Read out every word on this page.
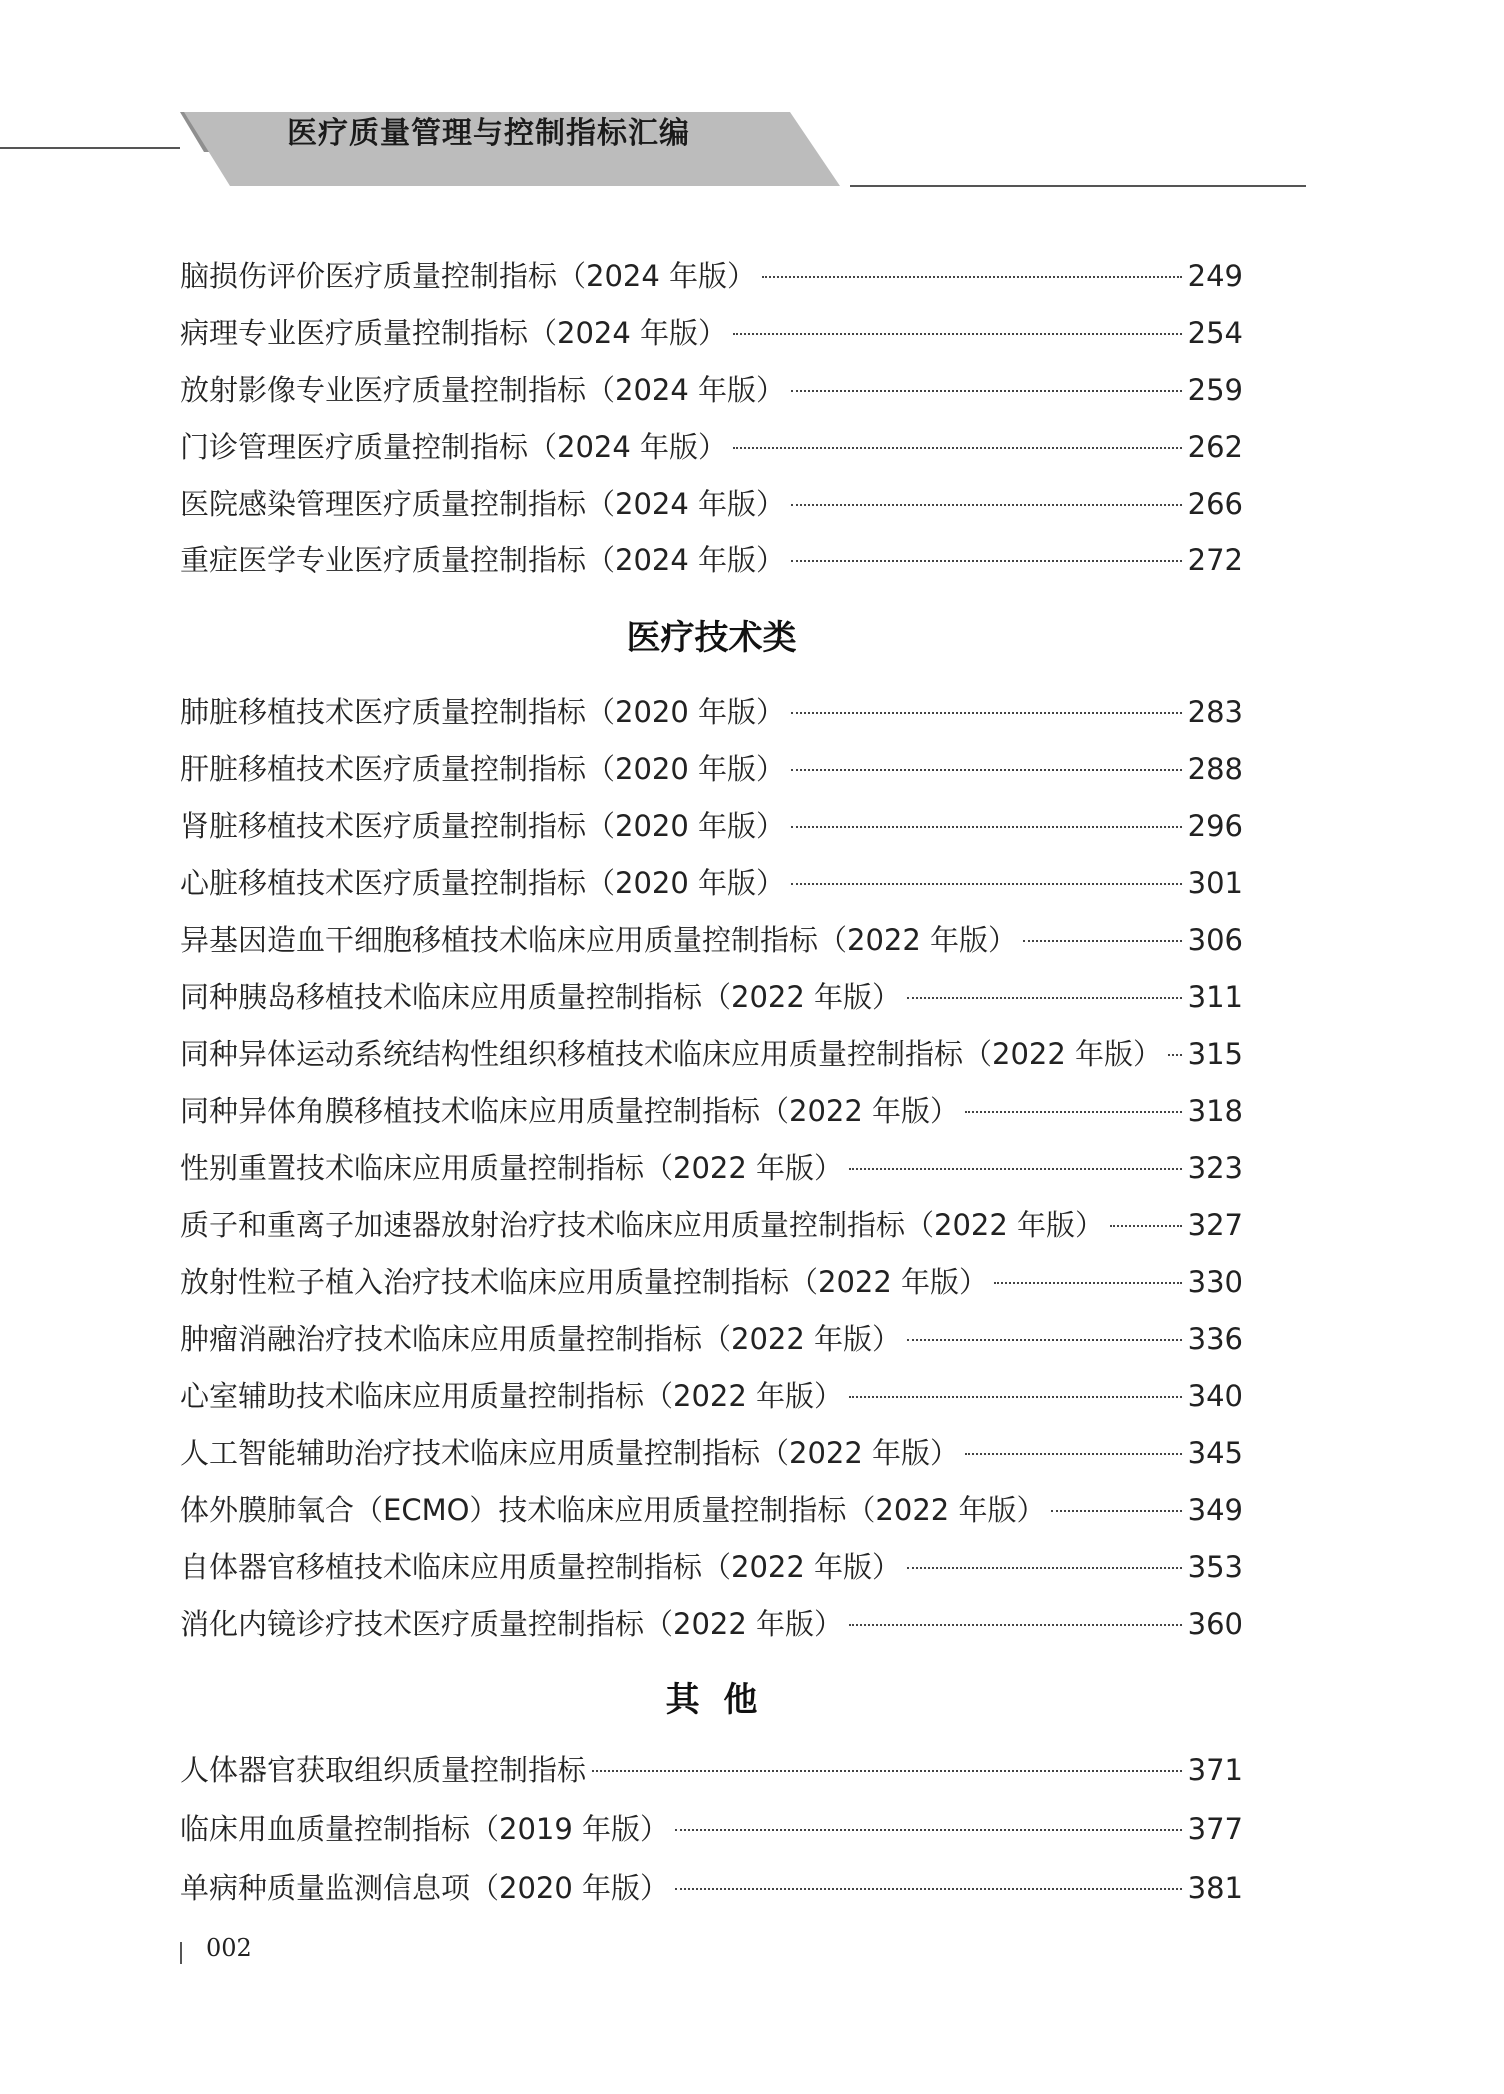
医疗质量管理与控制指标汇编
脑损伤评价医疗质量控制指标（2024 年版）	249
病理专业医疗质量控制指标（2024 年版）	254
放射影像专业医疗质量控制指标（2024 年版）	259
门诊管理医疗质量控制指标（2024 年版）	262
医院感染管理医疗质量控制指标（2024 年版）	266
重症医学专业医疗质量控制指标（2024 年版）	272
医疗技术类
肺脏移植技术医疗质量控制指标（2020 年版）	283
肝脏移植技术医疗质量控制指标（2020 年版）	288
肾脏移植技术医疗质量控制指标（2020 年版）	296
心脏移植技术医疗质量控制指标（2020 年版）	301
异基因造血干细胞移植技术临床应用质量控制指标（2022 年版）	306
同种胰岛移植技术临床应用质量控制指标（2022 年版）	311
同种异体运动系统结构性组织移植技术临床应用质量控制指标（2022 年版） 315
同种异体角膜移植技术临床应用质量控制指标（2022 年版）	318
性别重置技术临床应用质量控制指标（2022 年版）	323
质子和重离子加速器放射治疗技术临床应用质量控制指标（2022 年版）	327
放射性粒子植入治疗技术临床应用质量控制指标（2022 年版）	330
肿瘤消融治疗技术临床应用质量控制指标（2022 年版）	336
心室辅助技术临床应用质量控制指标（2022 年版）	340
人工智能辅助治疗技术临床应用质量控制指标（2022 年版）	345
体外膜肺氧合（ECMO）技术临床应用质量控制指标（2022 年版）	349
自体器官移植技术临床应用质量控制指标（2022 年版）	353
消化内镜诊疗技术医疗质量控制指标（2022 年版）	360
其  他
人体器官获取组织质量控制指标	371
临床用血质量控制指标（2019 年版）	377
单病种质量监测信息项（2020 年版）	381
002
